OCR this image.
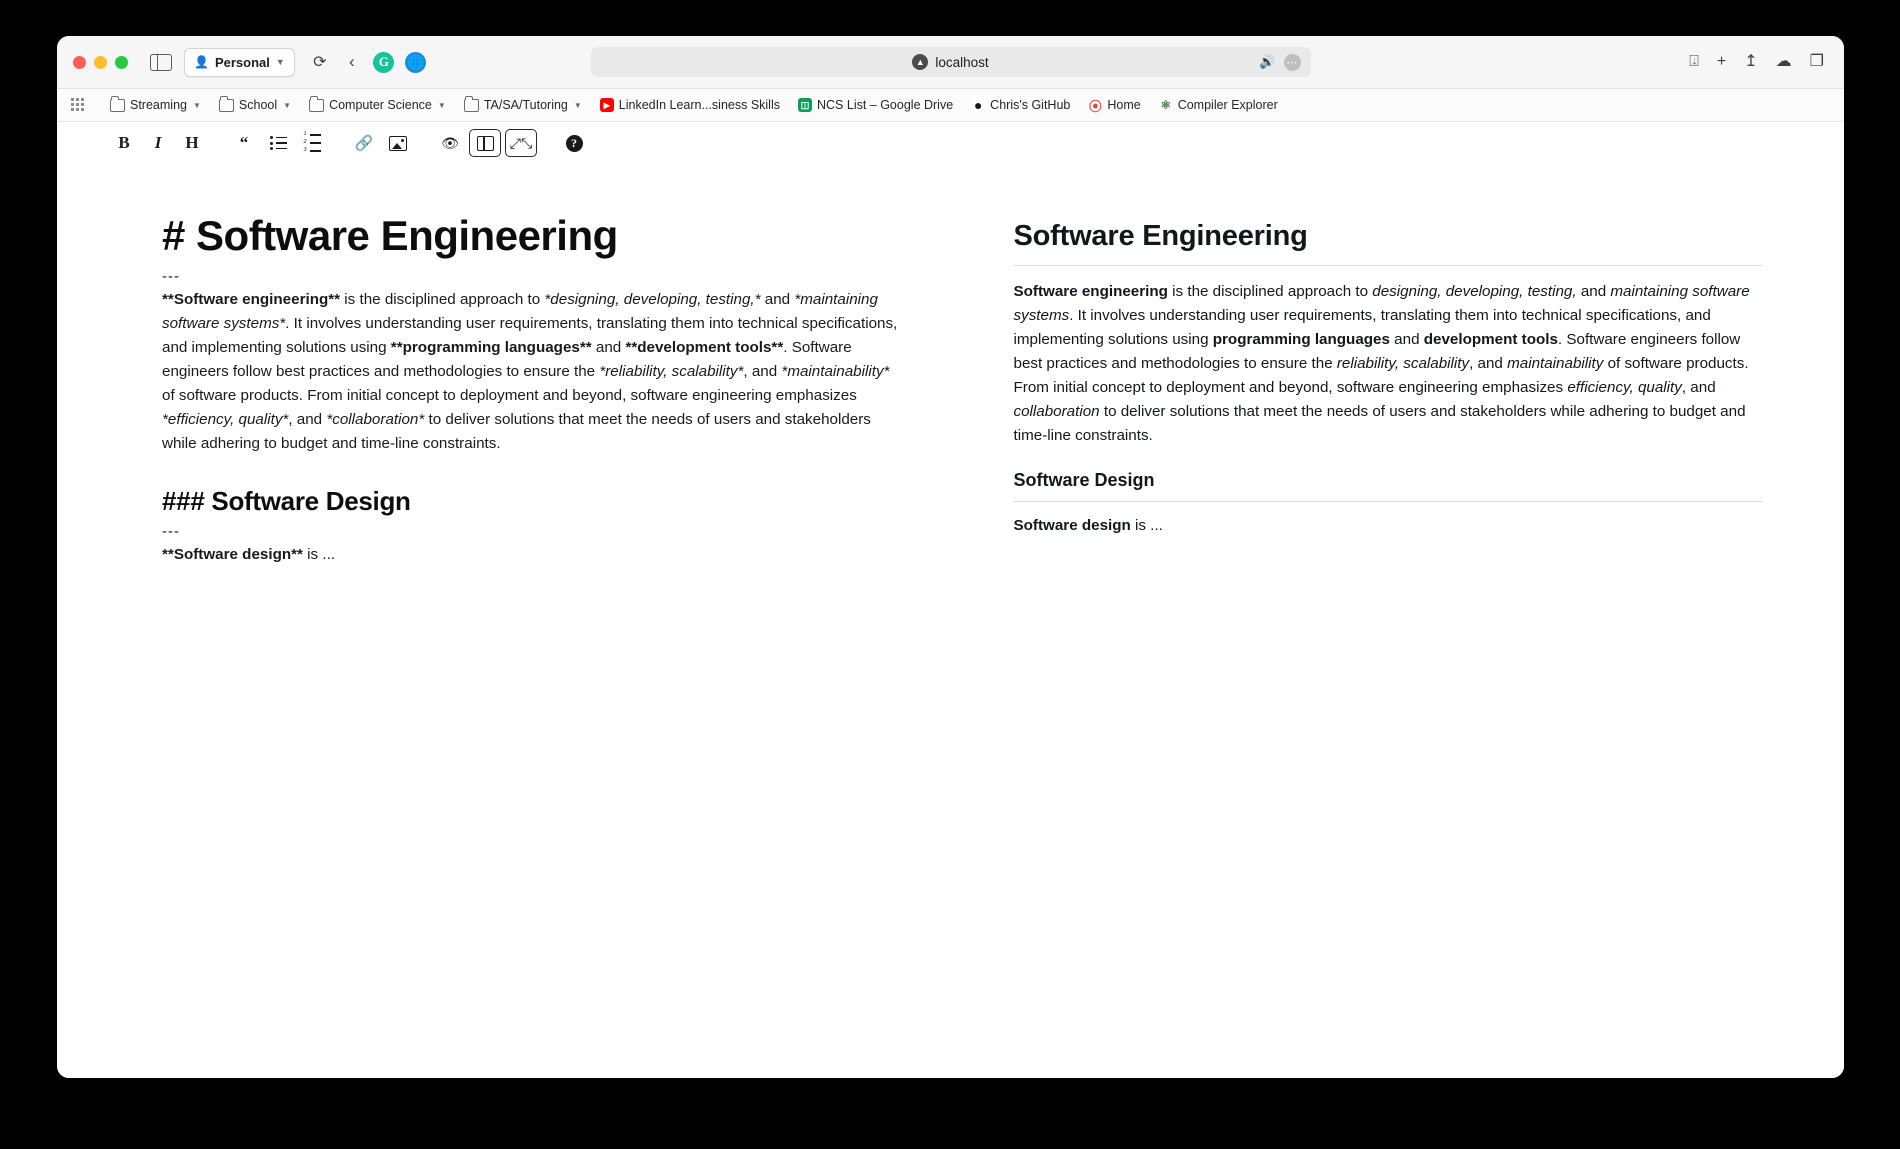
👤 Personal ▼ ⟳ ‹	G	🌐	▲ localhost	🔊 ⋯	⍗ + ↥ ☁ ❐
Streaming ▼	School ▼	Computer Science ▼	TA/SA/Tutoring ▼	▶ LinkedIn Learn...siness Skills	◫ NCS List – Google Drive ● Chris's GitHub ⦿ Home ⚛ Compiler Explorer
B	I	H	“	1
2
3	🔗	👁	⤢⤡	?
# Software Engineering
---

**Software engineering** is the disciplined approach to *designing, developing, testing,* and *maintaining software systems*. It involves understanding user requirements, translating them into technical specifications, and implementing solutions using **programming languages** and **development tools**. Software engineers follow best practices and methodologies to ensure the *reliability, scalability*, and *maintainability* of software products. From initial concept to deployment and beyond, software engineering emphasizes *efficiency, quality*, and *collaboration* to deliver solutions that meet the needs of users and stakeholders while adhering to budget and time-line constraints.

### Software Design
---

**Software design** is ...

Software Engineering

Software engineering is the disciplined approach to designing, developing, testing, and maintaining software systems. It involves understanding user requirements, translating them into technical specifications, and implementing solutions using programming languages and development tools. Software engineers follow best practices and methodologies to ensure the reliability, scalability, and maintainability of software products. From initial concept to deployment and beyond, software engineering emphasizes efficiency, quality, and collaboration to deliver solutions that meet the needs of users and stakeholders while adhering to budget and time-line constraints.

Software Design

Software design is ...
